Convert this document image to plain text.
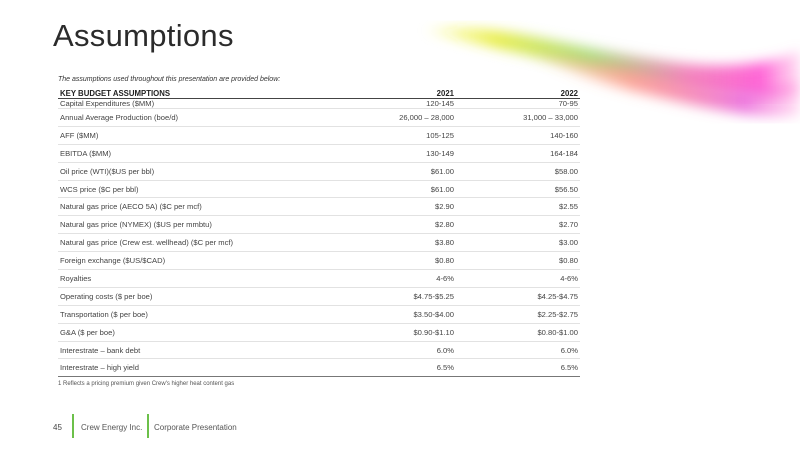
Assumptions
The assumptions used throughout this presentation are provided below:
KEY BUDGET ASSUMPTIONS	2021	2022
Capital Expenditures ($MM)	120-145	70-95
Annual Average Production (boe/d)	26,000 – 28,000	31,000 – 33,000
AFF ($MM)	105-125	140-160
EBITDA ($MM)	130-149	164-184
Oil price (WTI)($US per bbl)	$61.00	$58.00
WCS price ($C per bbl)	$61.00	$56.50
Natural gas price (AECO 5A) ($C per mcf)	$2.90	$2.55
Natural gas price (NYMEX) ($US per mmbtu)	$2.80	$2.70
Natural gas price (Crew est. wellhead) ($C per mcf)	$3.80	$3.00
Foreign exchange ($US/$CAD)	$0.80	$0.80
Royalties	4-6%	4-6%
Operating costs ($ per boe)	$4.75-$5.25	$4.25-$4.75
Transportation ($ per boe)	$3.50-$4.00	$2.25-$2.75
G&A ($ per boe)	$0.90-$1.10	$0.80-$1.00
Interestrate – bank debt	6.0%	6.0%
Interestrate – high yield	6.5%	6.5%
1 Reflects a pricing premium given Crew's higher heat content gas
45 Crew Energy Inc. Corporate Presentation
